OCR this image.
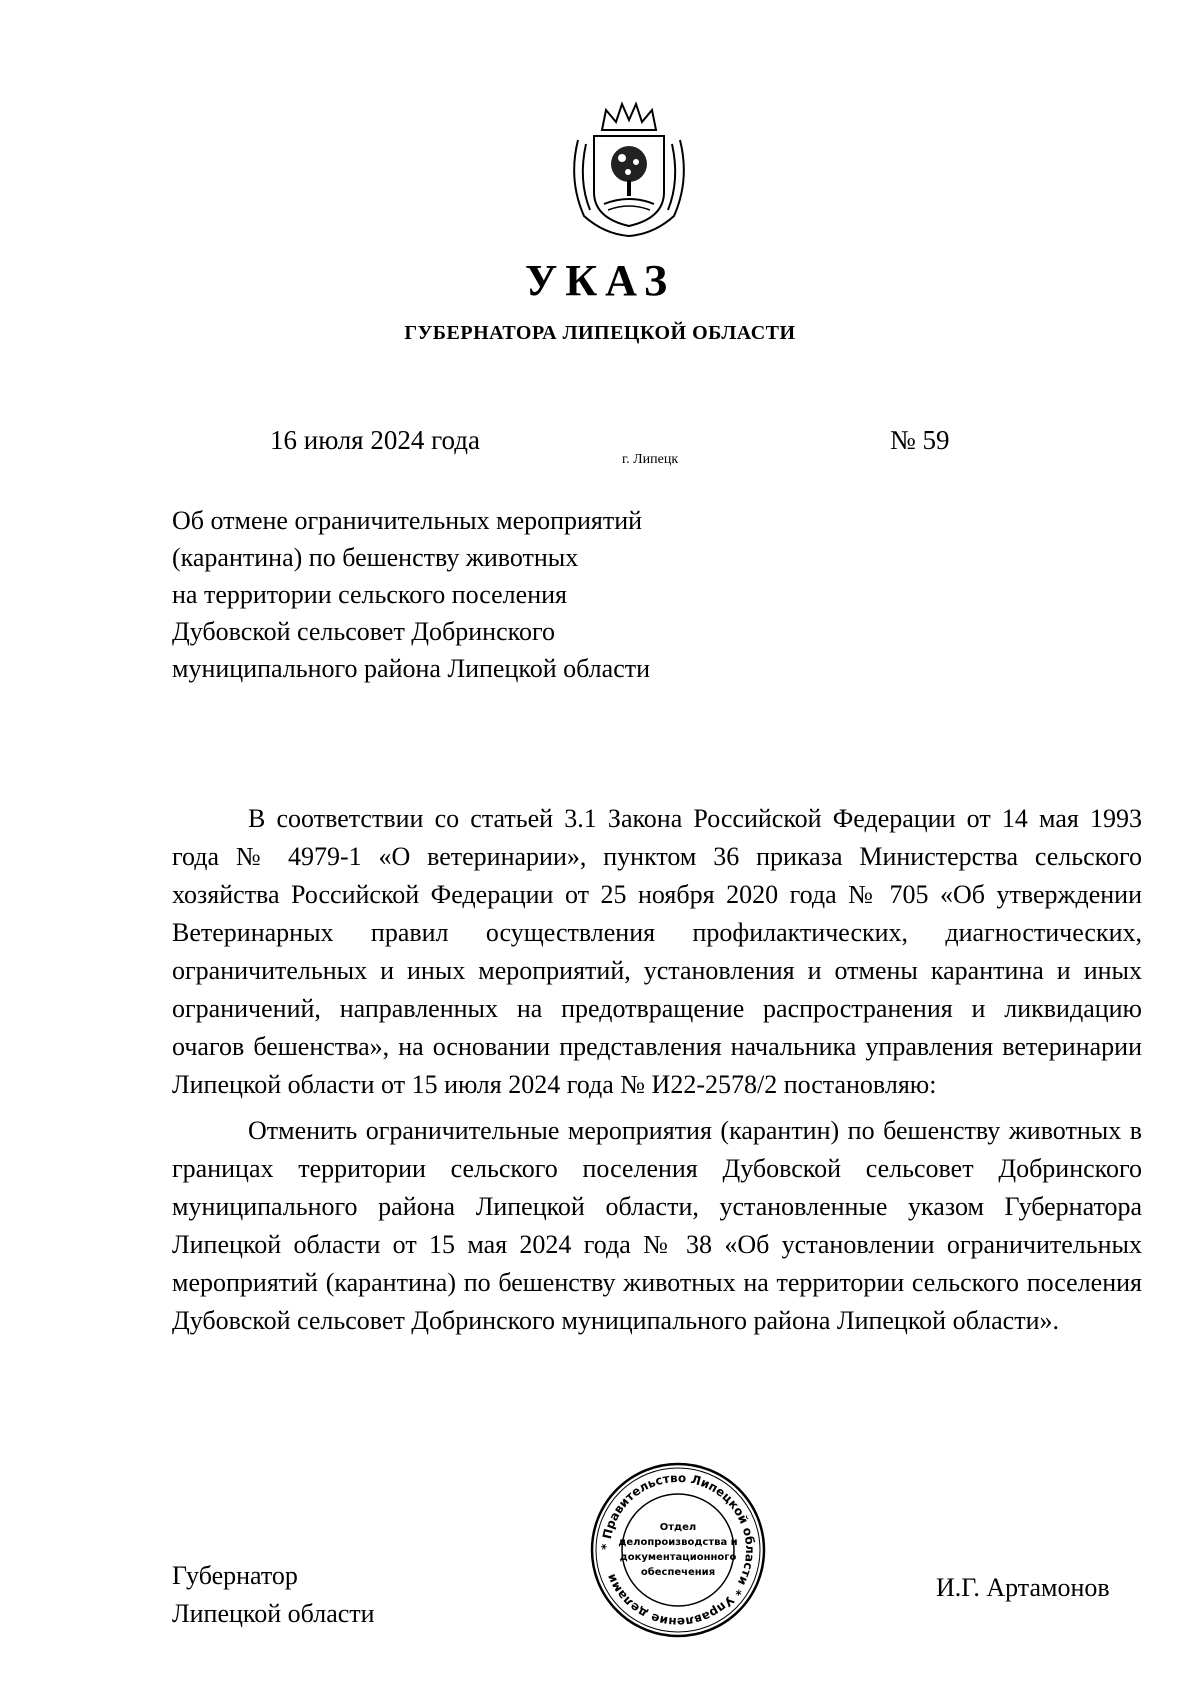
УКАЗ
ГУБЕРНАТОРА ЛИПЕЦКОЙ ОБЛАСТИ
16 июля 2024 года
г. Липецк
№ 59

Об отмене ограничительных мероприятий
(карантина) по бешенству животных
на территории сельского поселения
Дубовской сельсовет Добринского
муниципального района Липецкой области

В соответствии со статьей 3.1 Закона Российской Федерации от 14 мая 1993 года № 4979-1 «О ветеринарии», пунктом 36 приказа Министерства сельского хозяйства Российской Федерации от 25 ноября 2020 года № 705 «Об утверждении Ветеринарных правил осуществления профилактических, диагностических, ограничительных и иных мероприятий, установления и отмены карантина и иных ограничений, направленных на предотвращение распространения и ликвидацию очагов бешенства», на основании представления начальника управления ветеринарии Липецкой области от 15 июля 2024 года № И22-2578/2 постановляю:

Отменить ограничительные мероприятия (карантин) по бешенству животных в границах территории сельского поселения Дубовской сельсовет Добринского муниципального района Липецкой области, установленные указом Губернатора Липецкой области от 15 мая 2024 года № 38 «Об установлении ограничительных мероприятий (карантина) по бешенству животных на территории сельского поселения Дубовской сельсовет Добринского муниципального района Липецкой области».

Губернатор
Липецкой области
* Правительство Липецкой области * Управление делами
Отдел
делопроизводства и
документационного
обеспечения
И.Г. Артамонов
